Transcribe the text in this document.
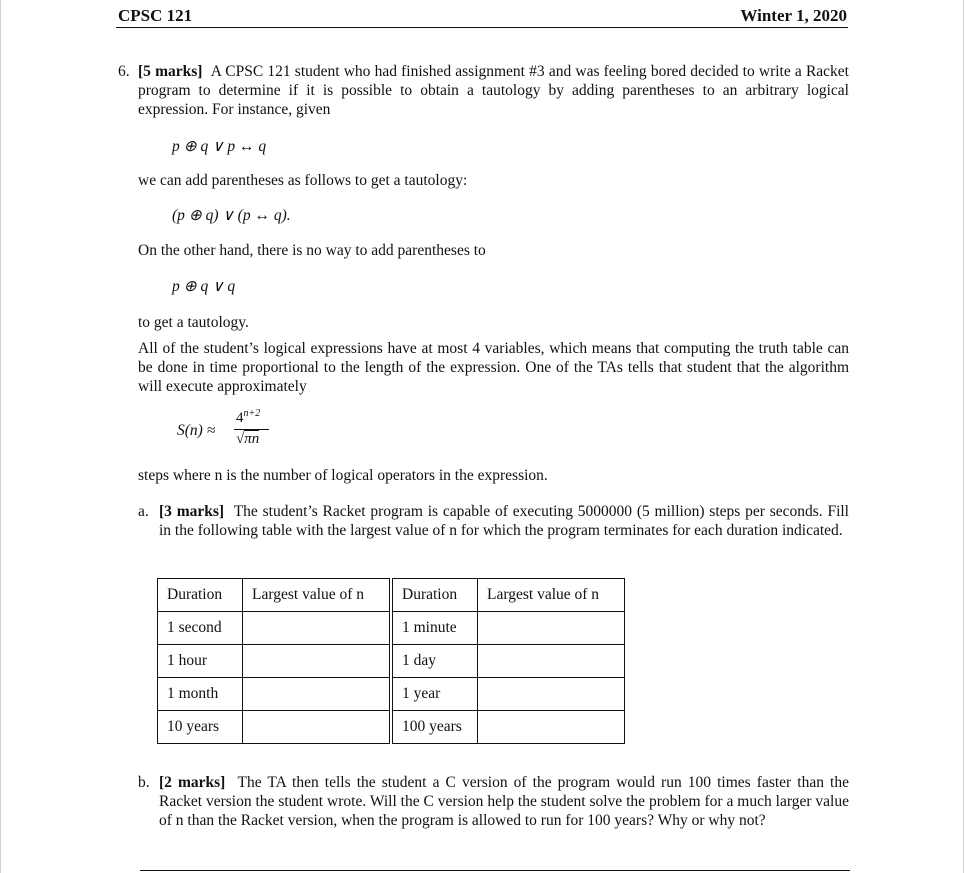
CPSC 121	Winter 1, 2020
6. [5 marks] A CPSC 121 student who had finished assignment #3 and was feeling bored decided to write a Racket program to determine if it is possible to obtain a tautology by adding parentheses to an arbitrary logical expression. For instance, given
p ⊕ q ∨ p ↔ q
we can add parentheses as follows to get a tautology:
(p ⊕ q) ∨ (p ↔ q).
On the other hand, there is no way to add parentheses to
p ⊕ q ∨ q
to get a tautology.
All of the student’s logical expressions have at most 4 variables, which means that computing the truth table can be done in time proportional to the length of the expression. One of the TAs tells that student that the algorithm will execute approximately
S(n) ≈
$4^{n+2}$
√πn
steps where n is the number of logical operators in the expression.
a. [3 marks] The student’s Racket program is capable of executing 5000000 (5 million) steps per seconds. Fill in the following table with the largest value of n for which the program terminates for each duration indicated.
Duration	Largest value of n	Duration	Largest value of n
1 second		1 minute	
1 hour		1 day	
1 month		1 year	
10 years		100 years	
b. [2 marks] The TA then tells the student a C version of the program would run 100 times faster than the Racket version the student wrote. Will the C version help the student solve the problem for a much larger value of n than the Racket version, when the program is allowed to run for 100 years? Why or why not?
